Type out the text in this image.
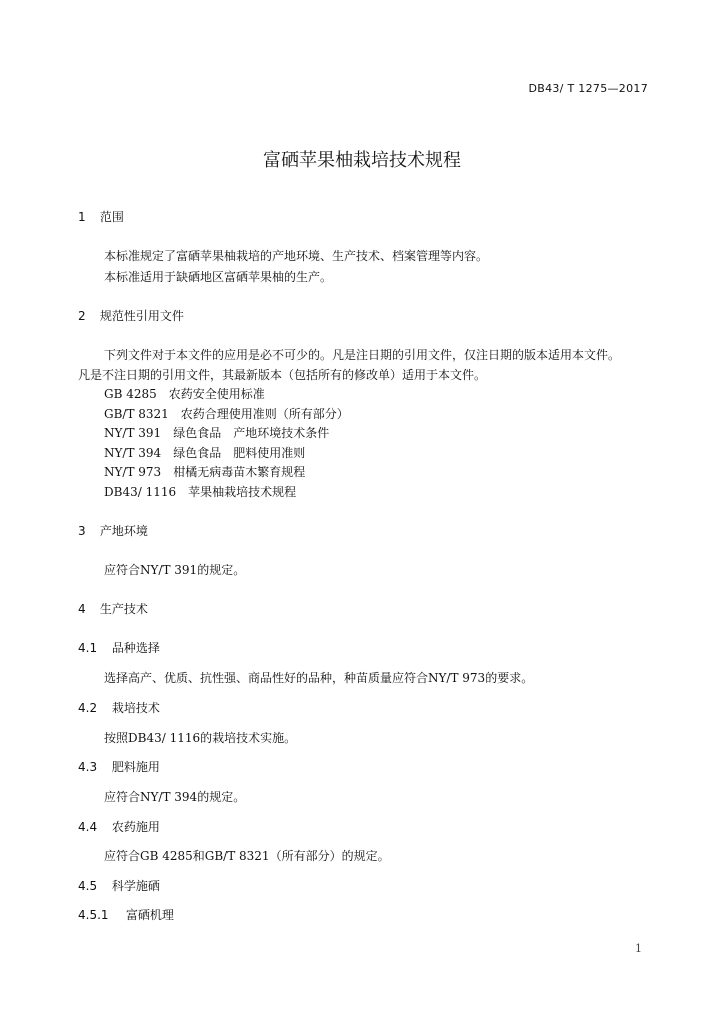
DB43/ T 1275—2017
富硒苹果柚栽培技术规程
1 范围
本标准规定了富硒苹果柚栽培的产地环境、生产技术、档案管理等内容。
本标准适用于缺硒地区富硒苹果柚的生产。
2 规范性引用文件
下列文件对于本文件的应用是必不可少的。凡是注日期的引用文件，仅注日期的版本适用本文件。
凡是不注日期的引用文件，其最新版本（包括所有的修改单）适用于本文件。
GB 4285　农药安全使用标准
GB/T 8321　农药合理使用准则（所有部分）
NY/T 391　绿色食品　产地环境技术条件
NY/T 394　绿色食品　肥料使用准则
NY/T 973　柑橘无病毒苗木繁育规程
DB43/ 1116　苹果柚栽培技术规程
3 产地环境
应符合NY/T 391的规定。
4 生产技术
4.1 品种选择
选择高产、优质、抗性强、商品性好的品种，种苗质量应符合NY/T 973的要求。
4.2 栽培技术
按照DB43/ 1116的栽培技术实施。
4.3 肥料施用
应符合NY/T 394的规定。
4.4 农药施用
应符合GB 4285和GB/T 8321（所有部分）的规定。
4.5 科学施硒
4.5.1 富硒机理
1
